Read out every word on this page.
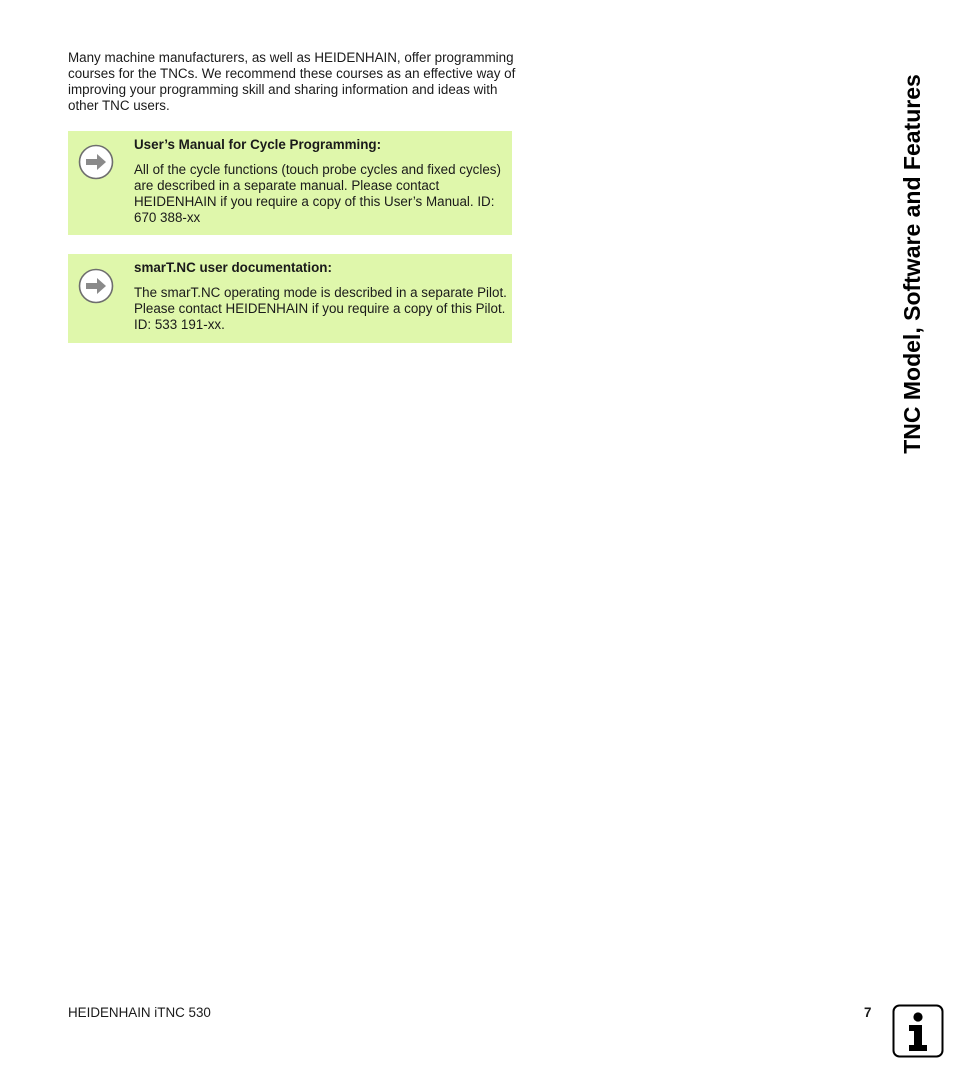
Many machine manufacturers, as well as HEIDENHAIN, offer programming courses for the TNCs. We recommend these courses as an effective way of improving your programming skill and sharing information and ideas with other TNC users.

User’s Manual for Cycle Programming:

All of the cycle functions (touch probe cycles and fixed cycles) are described in a separate manual. Please contact HEIDENHAIN if you require a copy of this User’s Manual. ID: 670 388-xx

smarT.NC user documentation:

The smarT.NC operating mode is described in a separate Pilot. Please contact HEIDENHAIN if you require a copy of this Pilot. ID: 533 191-xx.	TNC Model, Software and Features
HEIDENHAIN iTNC 530	7
